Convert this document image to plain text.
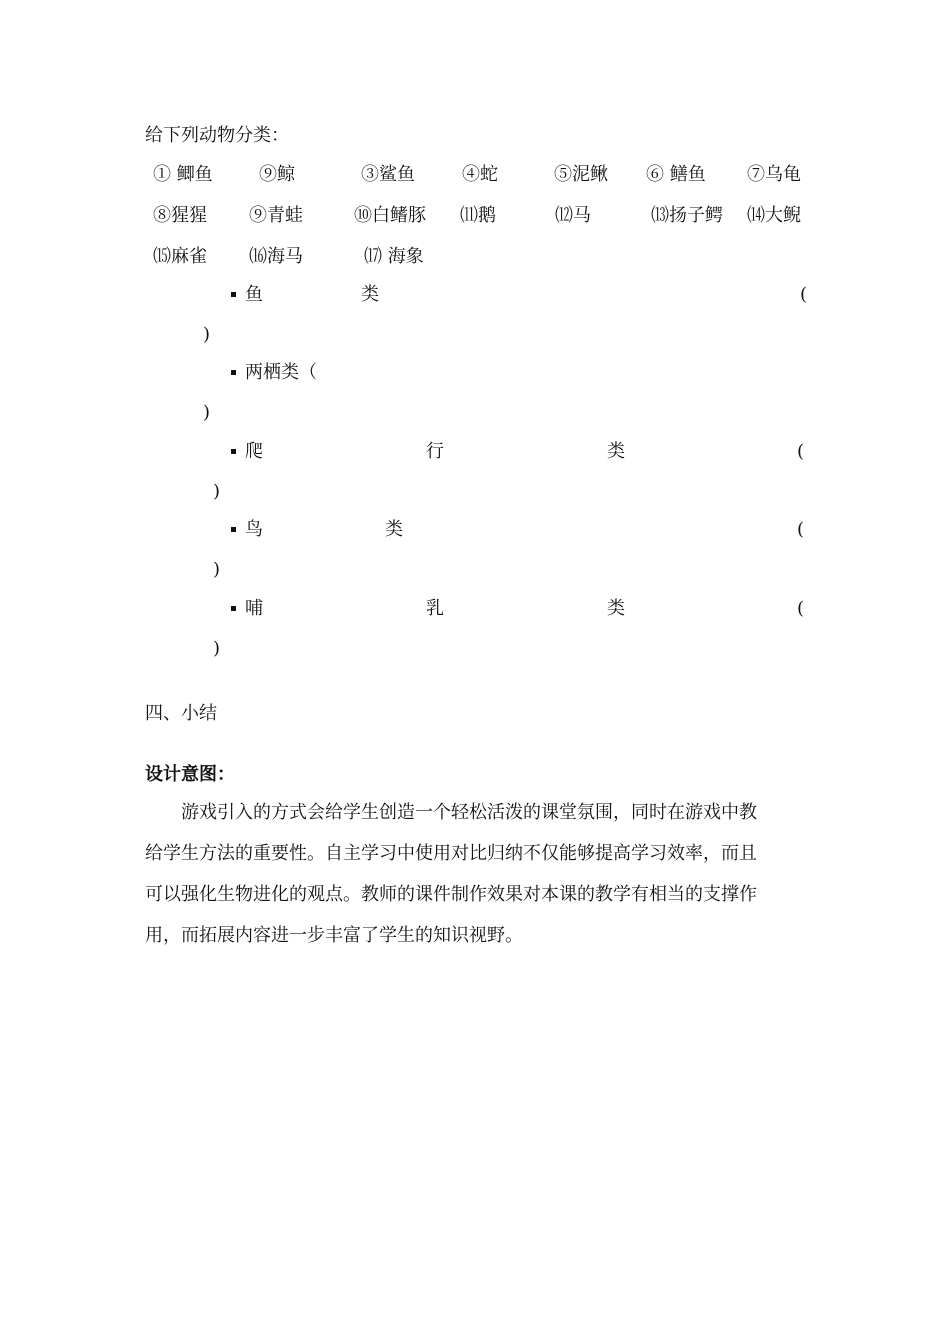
给下列动物分类：
① 鲫鱼	⑨鲸	③鲨鱼	④蛇	⑤泥鳅 ⑥ 鳝鱼 ⑦乌龟
⑧猩猩 ⑨青蛙	⑩白鳍豚 ⑾鹅	⑿马	⒀扬子鳄 ⒁大鲵
⒂麻雀 ⒃海马	⒄ 海象
鱼	类	(
)
两栖类（
)
爬	行	类	(
)
鸟	类	(
)
哺	乳	类	(
)
四、小结
设计意图：
游戏引入的方式会给学生创造一个轻松活泼的课堂氛围，同时在游戏中教
给学生方法的重要性。自主学习中使用对比归纳不仅能够提高学习效率，而且
可以强化生物进化的观点。教师的课件制作效果对本课的教学有相当的支撑作
用，而拓展内容进一步丰富了学生的知识视野。
